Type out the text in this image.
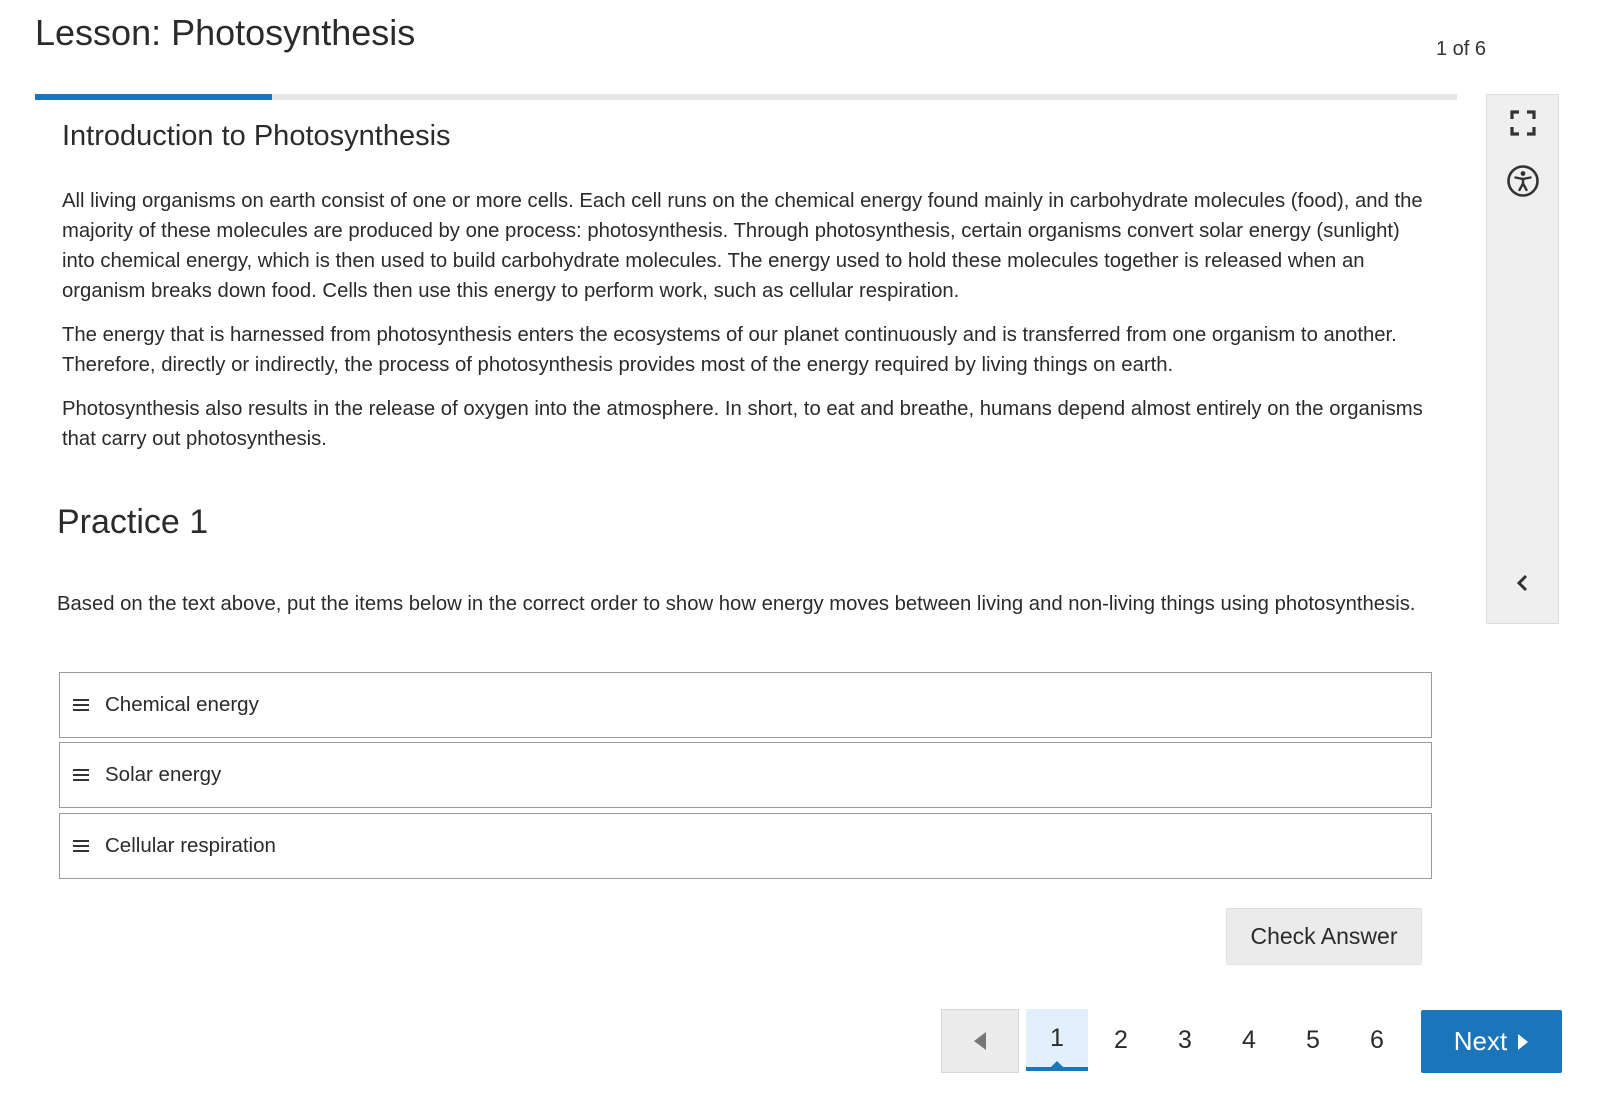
Lesson: Photosynthesis	1 of 6
Introduction to Photosynthesis

All living organisms on earth consist of one or more cells. Each cell runs on the chemical energy found mainly in carbohydrate molecules (food), and the majority of these molecules are produced by one process: photosynthesis. Through photosynthesis, certain organisms convert solar energy (sunlight) into chemical energy, which is then used to build carbohydrate molecules. The energy used to hold these molecules together is released when an organism breaks down food. Cells then use this energy to perform work, such as cellular respiration.

The energy that is harnessed from photosynthesis enters the ecosystems of our planet continuously and is transferred from one organism to another. Therefore, directly or indirectly, the process of photosynthesis provides most of the energy required by living things on earth.

Photosynthesis also results in the release of oxygen into the atmosphere. In short, to eat and breathe, humans depend almost entirely on the organisms that carry out photosynthesis.

Practice 1

Based on the text above, put the items below in the correct order to show how energy moves between living and non-living things using photosynthesis.

Chemical energy
Solar energy
Cellular respiration
Check Answer
1	2	3	4	5	6	Next
